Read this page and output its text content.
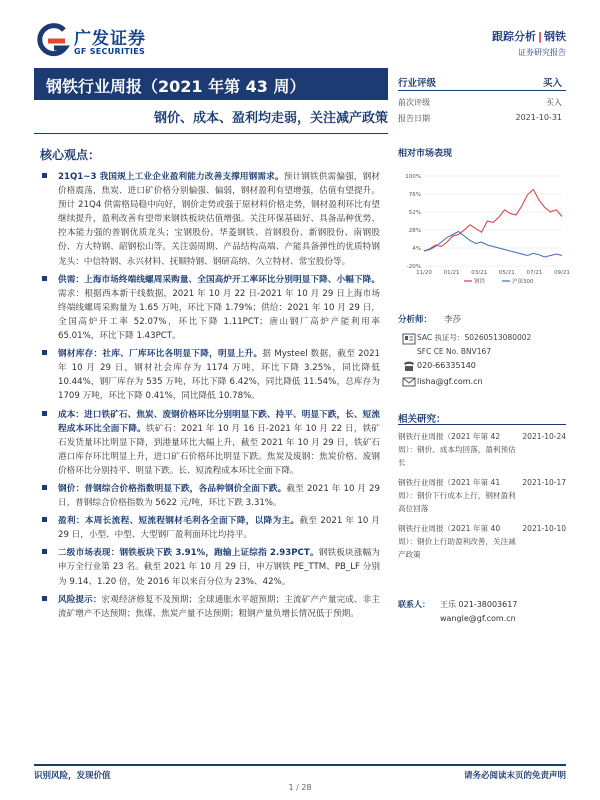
广发证券
GF SECURITIES
跟踪分析 | 钢铁
证券研究报告
钢铁行业周报（2021 年第 43 周）
钢价、成本、盈利均走弱，关注减产政策
核心观点：
21Q1~3 我国规上工业企业盈利能力改善支撑用钢需求。预计钢铁供需偏强，钢材价格震荡，焦炭、进口矿价格分别偏强、偏弱，钢材盈利有望增强，估值有望提升。预计 21Q4 供需格局稳中向好，钢价走势或强于原材料价格走势，钢材盈利环比有望继续提升，盈利改善有望带来钢铁板块估值增强。关注环保基础好、具备品种优势、控本能力强的普钢优质龙头；宝钢股份、华菱钢铁、首钢股份、新钢股份、南钢股份、方大特钢、韶钢松山等。关注弱周期、产品结构高端、产能具备弹性的优质特钢龙头：中信特钢、永兴材料、抚顺特钢、钢研高纳、久立特材、常宝股份等。
供需：上海市场终端线螺周采购量、全国高炉开工率环比分别明显下降、小幅下降。需求：根据西本新干线数据，2021 年 10 月 22 日-2021 年 10 月 29 日上海市场终端线螺周采购量为 1.65 万吨，环比下降 1.79%；供给：2021 年 10 月 29 日，全国高炉开工率 52.07%，环比下降 1.11PCT；唐山钢厂高炉产能利用率 65.01%，环比下降 1.43PCT。
钢材库存：社库、厂库环比各明显下降，明显上升。据 Mysteel 数据，截至 2021 年 10 月 29 日，钢材社会库存为 1174 万吨，环比下降 3.25%，同比降低 10.44%，钢厂库存为 535 万吨，环比下降 6.42%，同比降低 11.54%，总库存为 1709 万吨，环比下降 0.41%，同比降低 10.78%。
成本：进口铁矿石、焦炭、废钢价格环比分别明显下跌、持平、明显下跌，长、短流程成本环比全面下降。铁矿石：2021 年 10 月 16 日-2021 年 10 月 22 日，铁矿石发货量环比明显下降，到港量环比大幅上升，截至 2021 年 10 月 29 日，铁矿石港口库存环比明显上升，进口矿石价格环比明显下跌。焦炭及废钢：焦炭价格、废钢价格环比分别持平、明显下跌。长、短流程成本环比全面下降。
钢价：普钢综合价格指数明显下跌，各品种钢价全面下跌。截至 2021 年 10 月 29 日，普钢综合价格指数为 5622 元/吨，环比下跌 3.31%。
盈利：本周长流程、短流程钢材毛利各全面下降，以降为主。截至 2021 年 10 月 29 日，小型、中型、大型钢厂盈利面环比均持平。
二级市场表现：钢铁板块下跌 3.91%，跑输上证综指 2.93PCT。钢铁板块涨幅为申万全行业第 23 名。截至 2021 年 10 月 29 日，申万钢铁 PE_TTM、PB_LF 分别为 9.14、1.20 倍，处 2016 年以来百分位为 23%、42%。
风险提示：宏观经济修复不及预期；全球通胀水平超预期；主流矿产产量完成、非主流矿增产不达预期；焦煤、焦炭产量不达预期；粗钢产量负增长情况低于预期。
行业评级	买入
前次评级	买入
报告日期	2021-10-31
相对市场表现
100%
76%
52%
28%
4%
-20%
11/20 01/21 03/21 05/21 07/21 09/21
钢铁	沪深300
分析师： 李莎
SAC 执证号：S0260513080002
SFC CE No. BNV167
020-66335140
lisha@gf.com.cn
相关研究：
钢铁行业周报（2021 年第 42 周）：钢价、成本均回落，盈利预估长
2021-10-24
钢铁行业周报（2021 年第 41 周）：钢价下行成本上行，钢材盈利高位回落
2021-10-17
钢铁行业周报（2021 年第 40 周）：钢价上行助盈利改善，关注减产政策
2021-10-10
联系人： 王乐 021-38003617
wangle@gf.com.cn
识别风险，发现价值	请务必阅读末页的免责声明
1 / 28
